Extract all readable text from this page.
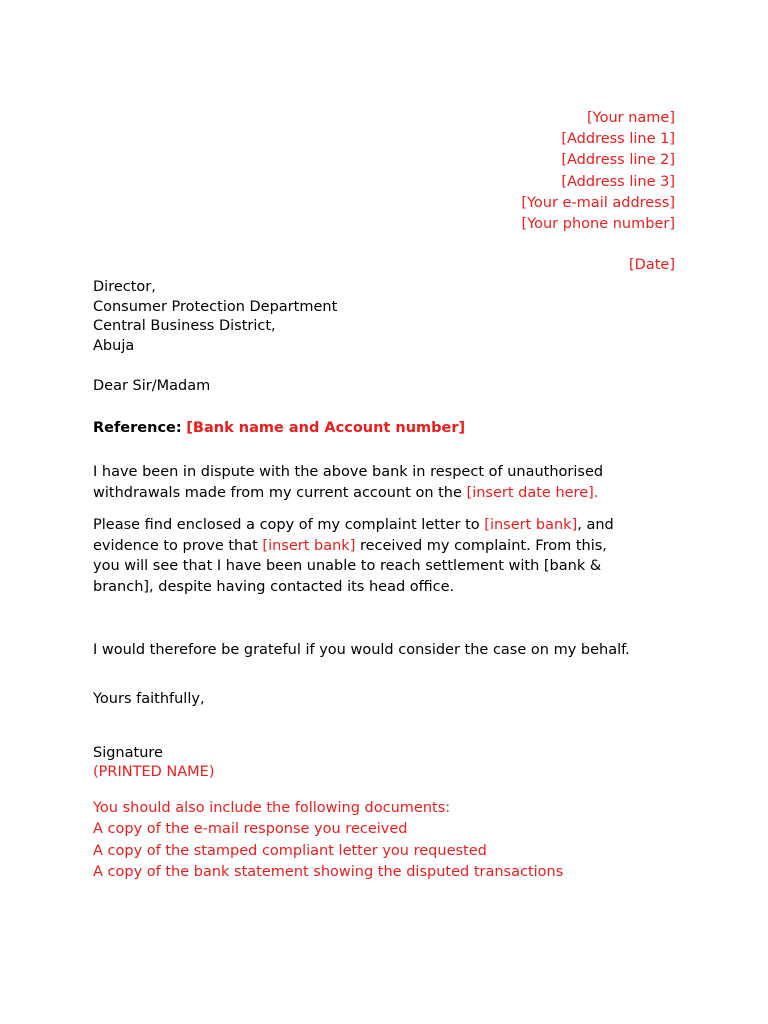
[Your name]
[Address line 1]
[Address line 2]
[Address line 3]
[Your e-mail address]
[Your phone number]
[Date]
Director,
Consumer Protection Department
Central Business District,
Abuja
Dear Sir/Madam
Reference: [Bank name and Account number]
I have been in dispute with the above bank in respect of unauthorised
withdrawals made from my current account on the [insert date here].
Please find enclosed a copy of my complaint letter to [insert bank], and
evidence to prove that [insert bank] received my complaint. From this,
you will see that I have been unable to reach settlement with [bank &
branch], despite having contacted its head office.
I would therefore be grateful if you would consider the case on my behalf.
Yours faithfully,
Signature
(PRINTED NAME)
You should also include the following documents:
A copy of the e-mail response you received
A copy of the stamped compliant letter you requested
A copy of the bank statement showing the disputed transactions
